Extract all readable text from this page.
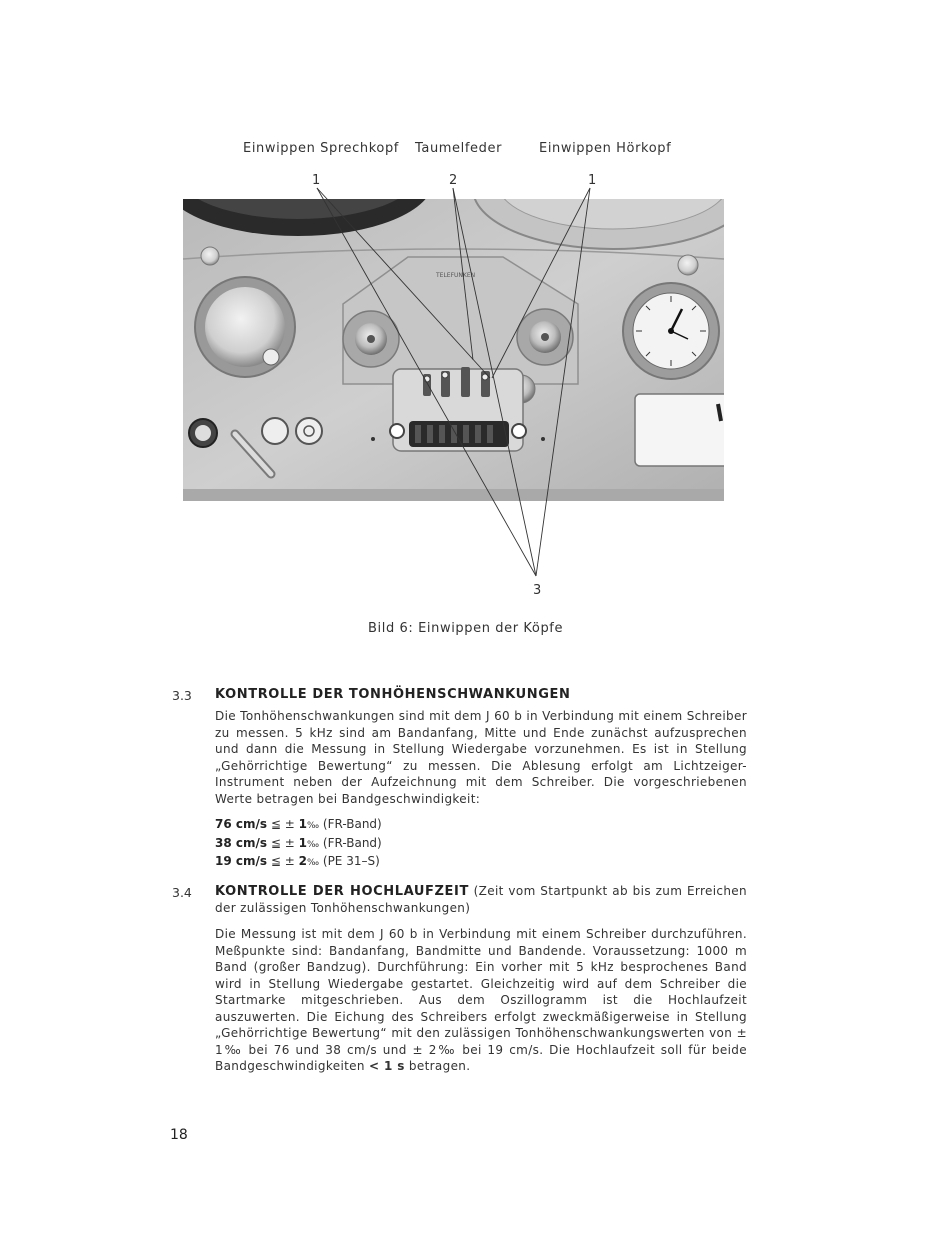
Einwippen Sprechkopf Taumelfeder	Einwippen Hörkopf
1	2	1
3
TELEFUNKEN
Bild 6: Einwippen der Köpfe
3.3 KONTROLLE DER TONHÖHENSCHWANKUNGEN
Die Tonhöhenschwankungen sind mit dem J 60 b in Verbindung mit einem Schreiber zu messen. 5 kHz sind am Bandanfang, Mitte und Ende zunächst aufzusprechen und dann die Messung in Stellung Wiedergabe vorzunehmen. Es ist in Stellung „Gehörrichtige Bewertung“ zu messen. Die Ablesung erfolgt am Lichtzeiger-Instrument neben der Aufzeichnung mit dem Schreiber. Die vorgeschriebenen Werte betragen bei Bandgeschwindigkeit:
76 cm/s ≦ ± 1‰ (FR-Band)
38 cm/s ≦ ± 1‰ (FR-Band)
19 cm/s ≦ ± 2‰ (PE 31–S)
3.4 KONTROLLE DER HOCHLAUFZEIT (Zeit vom Startpunkt ab bis zum Erreichen der zulässigen Tonhöhenschwankungen)
Die Messung ist mit dem J 60 b in Verbindung mit einem Schreiber durchzuführen. Meßpunkte sind: Bandanfang, Bandmitte und Bandende. Voraussetzung: 1000 m Band (großer Bandzug). Durchführung: Ein vorher mit 5 kHz besprochenes Band wird in Stellung Wiedergabe gestartet. Gleichzeitig wird auf dem Schreiber die Startmarke mitgeschrieben. Aus dem Oszillogramm ist die Hochlaufzeit auszuwerten. Die Eichung des Schreibers erfolgt zweckmäßigerweise in Stellung „Gehörrichtige Bewertung“ mit den zulässigen Tonhöhenschwankungswerten von ± 1‰ bei 76 und 38 cm/s und ± 2‰ bei 19 cm/s. Die Hochlaufzeit soll für beide Bandgeschwindigkeiten < 1 s betragen.
18
